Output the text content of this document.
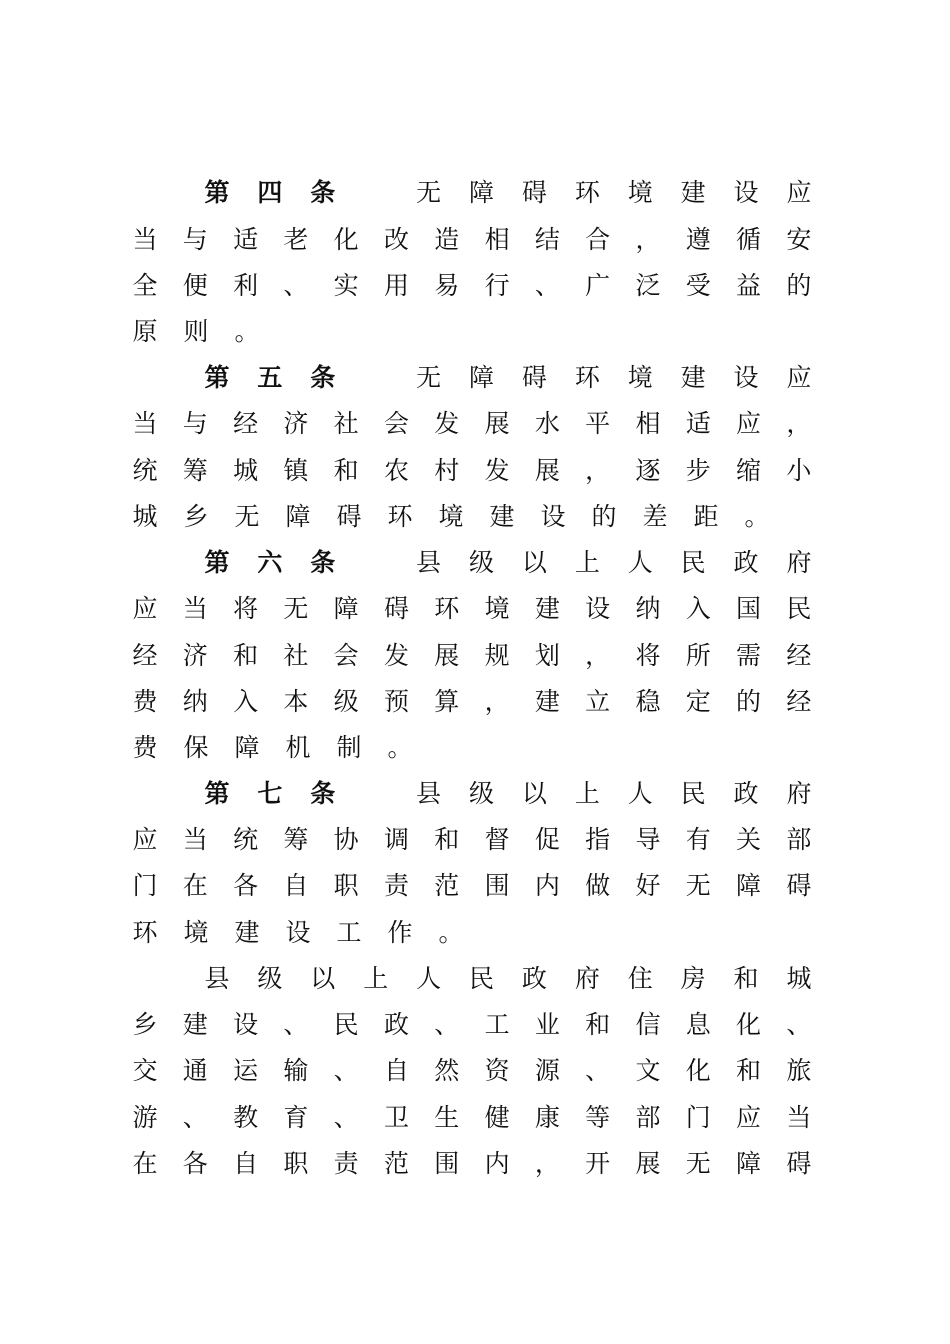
第 四 条	无 障 碍 环 境 建 设 应
当 与 适 老 化 改 造 相 结 合 ， 遵 循 安
全 便 利 、 实 用 易 行 、 广 泛 受 益 的
原 则 。
第 五 条	无 障 碍 环 境 建 设 应
当 与 经 济 社 会 发 展 水 平 相 适 应 ，
统 筹 城 镇 和 农 村 发 展 ， 逐 步 缩 小
城 乡 无 障 碍 环 境 建 设 的 差 距 。
第 六 条	县 级 以 上 人 民 政 府
应 当 将 无 障 碍 环 境 建 设 纳 入 国 民
经 济 和 社 会 发 展 规 划 ， 将 所 需 经
费 纳 入 本 级 预 算 ， 建 立 稳 定 的 经
费 保 障 机 制 。
第 七 条	县 级 以 上 人 民 政 府
应 当 统 筹 协 调 和 督 促 指 导 有 关 部
门 在 各 自 职 责 范 围 内 做 好 无 障 碍
环 境 建 设 工 作 。
县 级 以 上 人 民 政 府 住 房 和 城
乡 建 设 、 民 政 、 工 业 和 信 息 化 、
交 通 运 输 、 自 然 资 源 、 文 化 和 旅
游 、 教 育 、 卫 生 健 康 等 部 门 应 当
在 各 自 职 责 范 围 内 ， 开 展 无 障 碍
